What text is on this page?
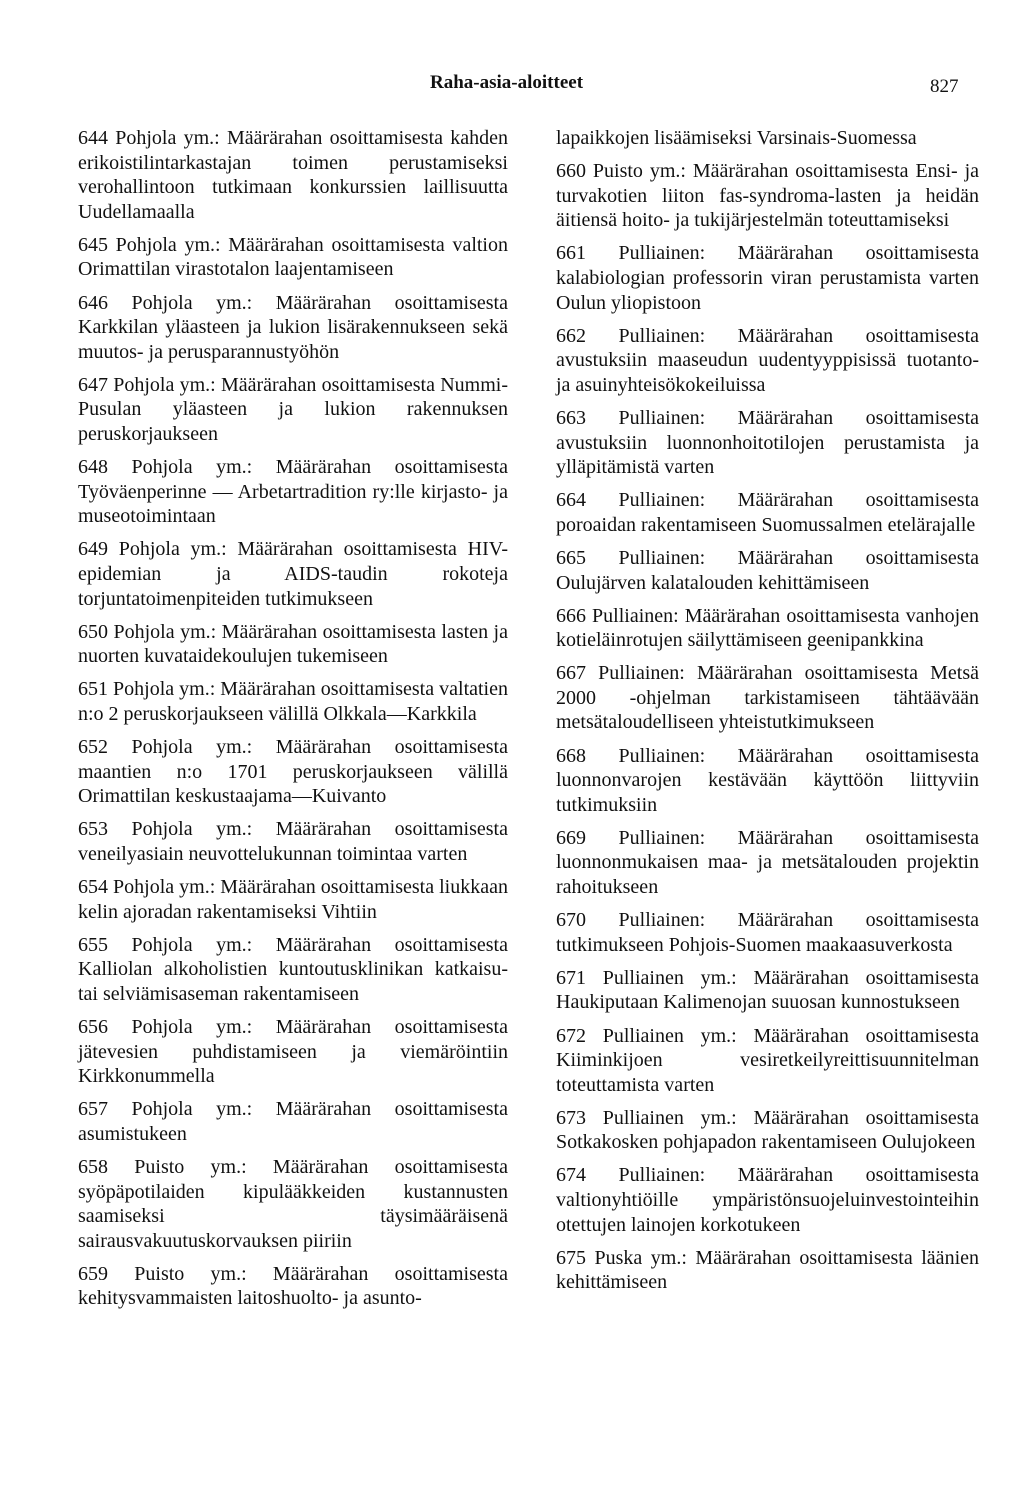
Raha-asia-aloitteet	827

644 Pohjola ym.: Määrärahan osoittamisesta kahden erikoistilintarkastajan toimen perustamiseksi verohallintoon tutkimaan konkurssien laillisuutta Uudellamaalla

645 Pohjola ym.: Määrärahan osoittamisesta valtion Orimattilan virastotalon laajentamiseen

646 Pohjola ym.: Määrärahan osoittamisesta Karkkilan yläasteen ja lukion lisärakennukseen sekä muutos- ja perusparannustyöhön

647 Pohjola ym.: Määrärahan osoittamisesta Nummi-Pusulan yläasteen ja lukion rakennuksen peruskorjaukseen

648 Pohjola ym.: Määrärahan osoittamisesta Työväenperinne — Arbetartradition ry:lle kirjasto- ja museotoimintaan

649 Pohjola ym.: Määrärahan osoittamisesta HIV-epidemian ja AIDS-taudin rokoteja torjuntatoimenpiteiden tutkimukseen

650 Pohjola ym.: Määrärahan osoittamisesta lasten ja nuorten kuvataidekoulujen tukemiseen

651 Pohjola ym.: Määrärahan osoittamisesta valtatien n:o 2 peruskorjaukseen välillä Olkkala—Karkkila

652 Pohjola ym.: Määrärahan osoittamisesta maantien n:o 1701 peruskorjaukseen välillä Orimattilan keskustaajama—Kuivanto

653 Pohjola ym.: Määrärahan osoittamisesta veneilyasiain neuvottelukunnan toimintaa varten

654 Pohjola ym.: Määrärahan osoittamisesta liukkaan kelin ajoradan rakentamiseksi Vihtiin

655 Pohjola ym.: Määrärahan osoittamisesta Kalliolan alkoholistien kuntoutusklinikan katkaisu- tai selviämisaseman rakentamiseen

656 Pohjola ym.: Määrärahan osoittamisesta jätevesien puhdistamiseen ja viemäröintiin Kirkkonummella

657 Pohjola ym.: Määrärahan osoittamisesta asumistukeen

658 Puisto ym.: Määrärahan osoittamisesta syöpäpotilaiden kipulääkkeiden kustannusten saamiseksi täysimääräisenä sairausvakuutuskorvauksen piiriin

659 Puisto ym.: Määrärahan osoittamisesta kehitysvammaisten laitoshuolto- ja asunto-

lapaikkojen lisäämiseksi Varsinais-Suomessa

660 Puisto ym.: Määrärahan osoittamisesta Ensi- ja turvakotien liiton fas-syndroma-lasten ja heidän äitiensä hoito- ja tukijärjestelmän toteuttamiseksi

661 Pulliainen: Määrärahan osoittamisesta kalabiologian professorin viran perustamista varten Oulun yliopistoon

662 Pulliainen: Määrärahan osoittamisesta avustuksiin maaseudun uudentyyppisissä tuotanto- ja asuinyhteisökokeiluissa

663 Pulliainen: Määrärahan osoittamisesta avustuksiin luonnonhoitotilojen perustamista ja ylläpitämistä varten

664 Pulliainen: Määrärahan osoittamisesta poroaidan rakentamiseen Suomussalmen etelärajalle

665 Pulliainen: Määrärahan osoittamisesta Oulujärven kalatalouden kehittämiseen

666 Pulliainen: Määrärahan osoittamisesta vanhojen kotieläinrotujen säilyttämiseen geenipankkina

667 Pulliainen: Määrärahan osoittamisesta Metsä 2000 -ohjelman tarkistamiseen tähtäävään metsätaloudelliseen yhteistutkimukseen

668 Pulliainen: Määrärahan osoittamisesta luonnonvarojen kestävään käyttöön liittyviin tutkimuksiin

669 Pulliainen: Määrärahan osoittamisesta luonnonmukaisen maa- ja metsätalouden projektin rahoitukseen

670 Pulliainen: Määrärahan osoittamisesta tutkimukseen Pohjois-Suomen maakaasuverkosta

671 Pulliainen ym.: Määrärahan osoittamisesta Haukiputaan Kalimenojan suuosan kunnostukseen

672 Pulliainen ym.: Määrärahan osoittamisesta Kiiminkijoen vesiretkeilyreittisuunnitelman toteuttamista varten

673 Pulliainen ym.: Määrärahan osoittamisesta Sotkakosken pohjapadon rakentamiseen Oulujokeen

674 Pulliainen: Määrärahan osoittamisesta valtionyhtiöille ympäristönsuojeluinvestointeihin otettujen lainojen korkotukeen

675 Puska ym.: Määrärahan osoittamisesta läänien kehittämiseen
